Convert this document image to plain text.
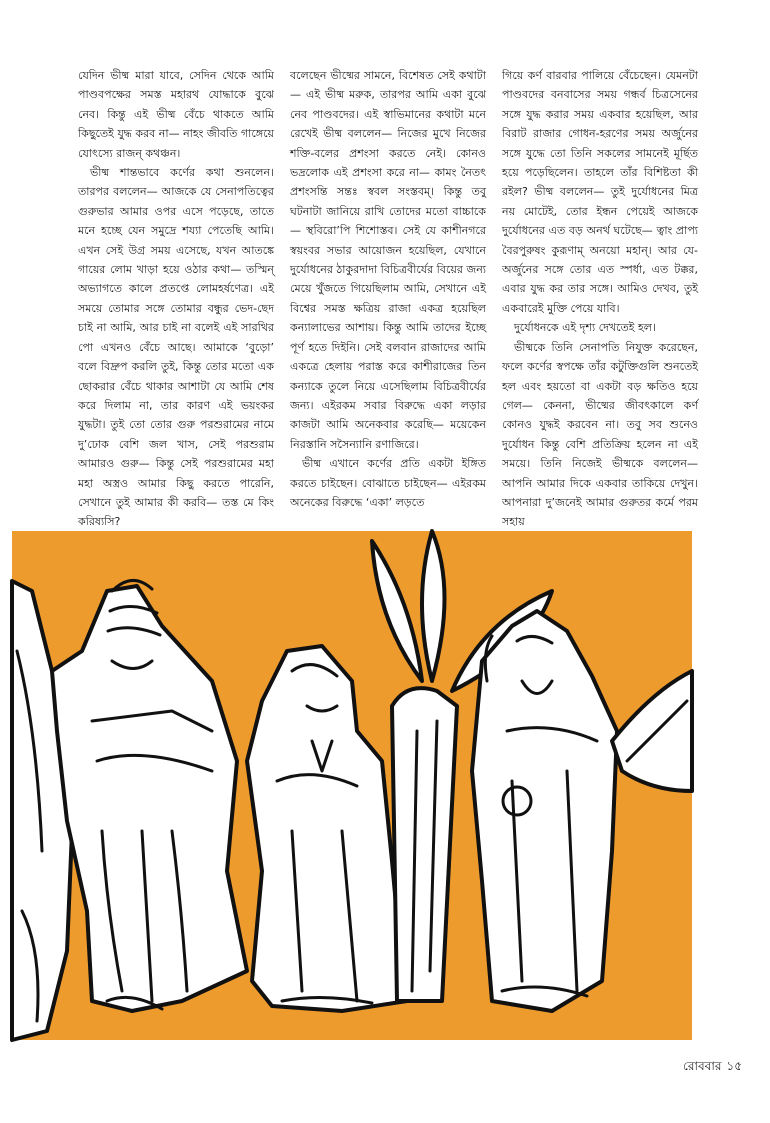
যেদিন ভীষ্ম মারা যাবে, সেদিন থেকে আমি পাণ্ডবপক্ষের সমস্ত মহারথ যোদ্ধাকে বুঝে নেব। কিন্তু এই ভীষ্ম বেঁচে থাকতে আমি কিছুতেই যুদ্ধ করব না— নাহং জীবতি গাঙ্গেয়ে যোৎস্যে রাজন্ কথঞ্চন।

ভীষ্ম শান্তভাবে কর্ণের কথা শুনলেন। তারপর বললেন— আজকে যে সেনাপতিত্বের গুরুভার আমার ওপর এসে পড়েছে, তাতে মনে হচ্ছে যেন সমুদ্রে শয্যা পেতেছি আমি। এখন সেই উগ্র সময় এসেছে, যখন আতঙ্কে গায়ের লোম খাড়া হয়ে ওঠার কথা— তস্মিন্ অভ্যাগতে কালে প্রতপ্তে লোমহর্ষণেত্র। এই সময়ে তোমার সঙ্গে তোমার বন্ধুর ভেদ-ছেদ চাই না আমি, আর চাই না বলেই এই সারথির পো এখনও বেঁচে আছে। আমাকে ‘বুড়ো’ বলে বিদ্রুপ করলি তুই, কিন্তু তোর মতো এক ছোকরার বেঁচে থাকার আশাটা যে আমি শেষ করে দিলাম না, তার কারণ এই ভয়ংকর যুদ্ধটা। তুই তো তোর গুরু পরশুরামের নামে দু’ঢোক বেশি জল খাস, সেই পরশুরাম আমারও গুরু— কিন্তু সেই পরশুরামের মহা মহা অস্ত্রও আমার কিছু করতে পারেনি, সেখানে তুই আমার কী করবি— তস্ত মে কিং করিষ্যসি?

বলেছেন ভীষ্মের সামনে, বিশেষত সেই কথাটা— এই ভীষ্ম মরুক, তারপর আমি একা বুঝে নেব পাণ্ডবদের। এই স্বাভিমানের কথাটা মনে রেখেই ভীষ্ম বললেন— নিজের মুখে নিজের শক্তি-বলের প্রশংসা করতে নেই। কোনও ভদ্রলোক এই প্রশংসা করে না— কামং নৈতৎ প্রশংসন্তি সন্তঃ স্ববল সংস্তবম্। কিন্তু তবু ঘটনাটা জানিয়ে রাখি তোদের মতো বাচ্চাকে— স্থবিরো’পি শিশোস্তব। সেই যে কাশীনগরে স্বয়ংবর সভার আয়োজন হয়েছিল, যেখানে দুর্যোধনের ঠাকুরদাদা বিচিত্রবীর্যের বিয়ের জন্য মেয়ে খুঁজতে গিয়েছিলাম আমি, সেখানে এই বিশ্বের সমস্ত ক্ষত্রিয় রাজা একত্র হয়েছিল কন্যালাভের আশায়। কিন্তু আমি তাদের ইচ্ছে পূর্ণ হতে দিইনি। সেই বলবান রাজাদের আমি একত্রে হেলায় পরাস্ত করে কাশীরাজের তিন কন্যাকে তুলে নিয়ে এসেছিলাম বিচিত্রবীর্যের জন্য। এইরকম সবার বিরুদ্ধে একা লড়ার কাজটা আমি অনেকবার করেছি— ময়েকেন নিরস্তানি সসৈন্যানি রণাজিরে।

ভীষ্ম এখানে কর্ণের প্রতি একটা ইঙ্গিত করতে চাইছেন। বোঝাতে চাইছেন— এইরকম অনেকের বিরুদ্ধে ‘একা’ লড়তে

গিয়ে কর্ণ বারবার পালিয়ে বেঁচেছেন। যেমনটা পাণ্ডবদের বনবাসের সময় গন্ধর্ব চিত্রসেনের সঙ্গে যুদ্ধ করার সময় একবার হয়েছিল, আর বিরাট রাজার গোধন-হরণের সময় অর্জুনের সঙ্গে যুদ্ধে তো তিনি সকলের সামনেই মূর্ছিত হয়ে পড়েছিলেন। তাহলে তাঁর বিশিষ্টতা কী রইল? ভীষ্ম বললেন— তুই দুর্যোধনের মিত্র নয় মোটেই, তোর ইন্ধন পেয়েই আজকে দুর্যোধনের এত বড় অনর্থ ঘটেছে— ত্বাং প্রাপ্য বৈরপুরুষং কুরূণাম্ অনয়ো মহান্। আর যে-অর্জুনের সঙ্গে তোর এত স্পর্ধা, এত টক্কর, এবার যুদ্ধ কর তার সঙ্গে। আমিও দেখব, তুই একবারেই মুক্তি পেয়ে যাবি।

দুর্যোধনকে এই দৃশ্য দেখতেই হল।

ভীষ্মকে তিনি সেনাপতি নিযুক্ত করেছেন, ফলে কর্ণের স্বপক্ষে তাঁর কটুক্তিগুলি শুনতেই হল এবং হয়তো বা একটা বড় ক্ষতিও হয়ে গেল— কেননা, ভীষ্মের জীবৎকালে কর্ণ কোনও যুদ্ধই করবেন না। তবু সব শুনেও দুর্যোধন কিন্তু বেশি প্রতিক্রিয় হলেন না এই সময়ে। তিনি নিজেই ভীষ্মকে বললেন— আপনি আমার দিকে একবার তাকিয়ে দেখুন। আপনারা দু’জনেই আমার গুরুতর কর্মে পরম সহায়

রোববার ১৫
